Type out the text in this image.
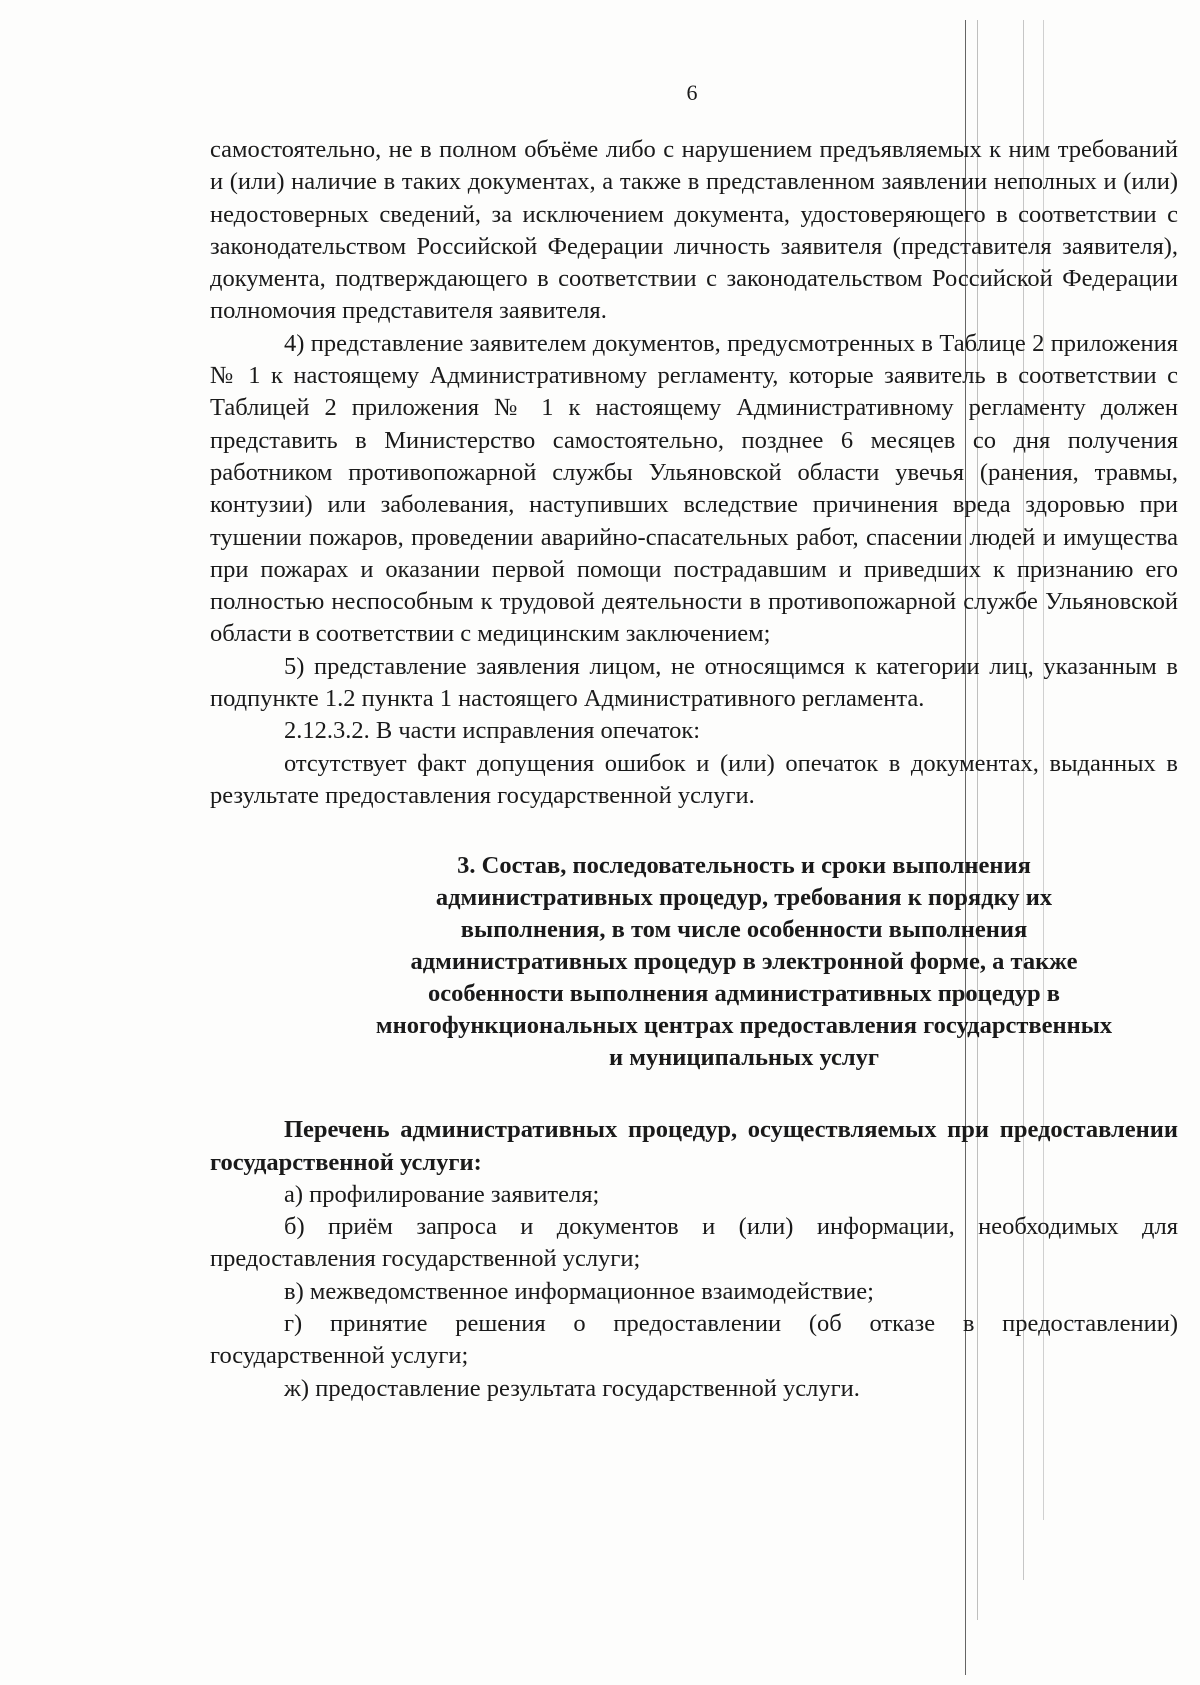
6

самостоятельно, не в полном объёме либо с нарушением предъявляемых к ним требований и (или) наличие в таких документах, а также в представленном заявлении неполных и (или) недостоверных сведений, за исключением документа, удостоверяющего в соответствии с законодательством Российской Федерации личность заявителя (представителя заявителя), документа, подтверждающего в соответствии с законодательством Российской Федерации полномочия представителя заявителя.

4) представление заявителем документов, предусмотренных в Таблице 2 приложения № 1 к настоящему Административному регламенту, которые заявитель в соответствии с Таблицей 2 приложения № 1 к настоящему Административному регламенту должен представить в Министерство самостоятельно, позднее 6 месяцев со дня получения работником противопожарной службы Ульяновской области увечья (ранения, травмы, контузии) или заболевания, наступивших вследствие причинения вреда здоровью при тушении пожаров, проведении аварийно-спасательных работ, спасении людей и имущества при пожарах и оказании первой помощи пострадавшим и приведших к признанию его полностью неспособным к трудовой деятельности в противопожарной службе Ульяновской области в соответствии с медицинским заключением;

5) представление заявления лицом, не относящимся к категории лиц, указанным в подпункте 1.2 пункта 1 настоящего Административного регламента.

2.12.3.2. В части исправления опечаток:

отсутствует факт допущения ошибок и (или) опечаток в документах, выданных в результате предоставления государственной услуги.

3. Состав, последовательность и сроки выполнения административных процедур, требования к порядку их выполнения, в том числе особенности выполнения административных процедур в электронной форме, а также особенности выполнения административных процедур в многофункциональных центрах предоставления государственных и муниципальных услуг

Перечень административных процедур, осуществляемых при предоставлении государственной услуги:

а) профилирование заявителя;

б) приём запроса и документов и (или) информации, необходимых для предоставления государственной услуги;

в) межведомственное информационное взаимодействие;

г) принятие решения о предоставлении (об отказе в предоставлении) государственной услуги;

ж) предоставление результата государственной услуги.
